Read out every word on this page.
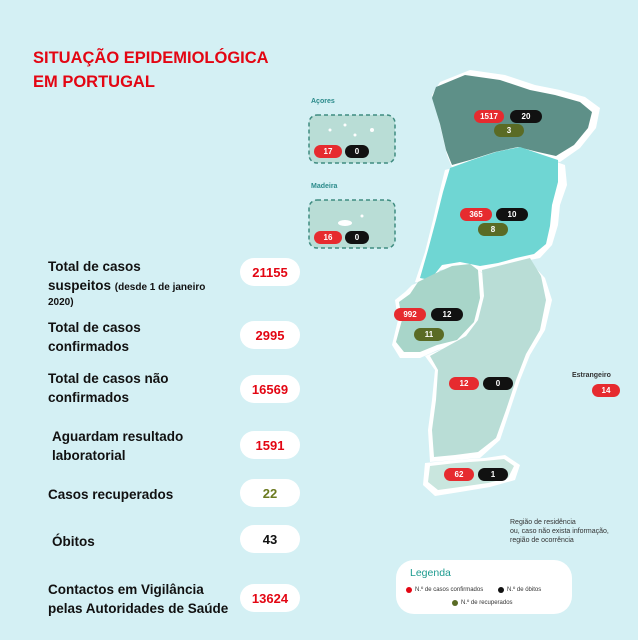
SITUAÇÃO EPIDEMIOLÓGICA
EM PORTUGAL
Total de casos
suspeitos (desde 1 de janeiro
2020)
21155
Total de casos
confirmados
2995
Total de casos não
confirmados
16569
Aguardam resultado
laboratorial
1591
Casos recuperados	22
Óbitos	43
Contactos em Vigilância
pelas Autoridades de Saúde
13624
Açores
Madeira
17	0
16	0
1517	20
3
365	10
8
992	12
11
12	0
62	1
Estrangeiro
14
Região de residência
ou, caso não exista informação,
região de ocorrência
Legenda
N.º de casos confirmados	N.º de óbitos
N.º de recuperados
